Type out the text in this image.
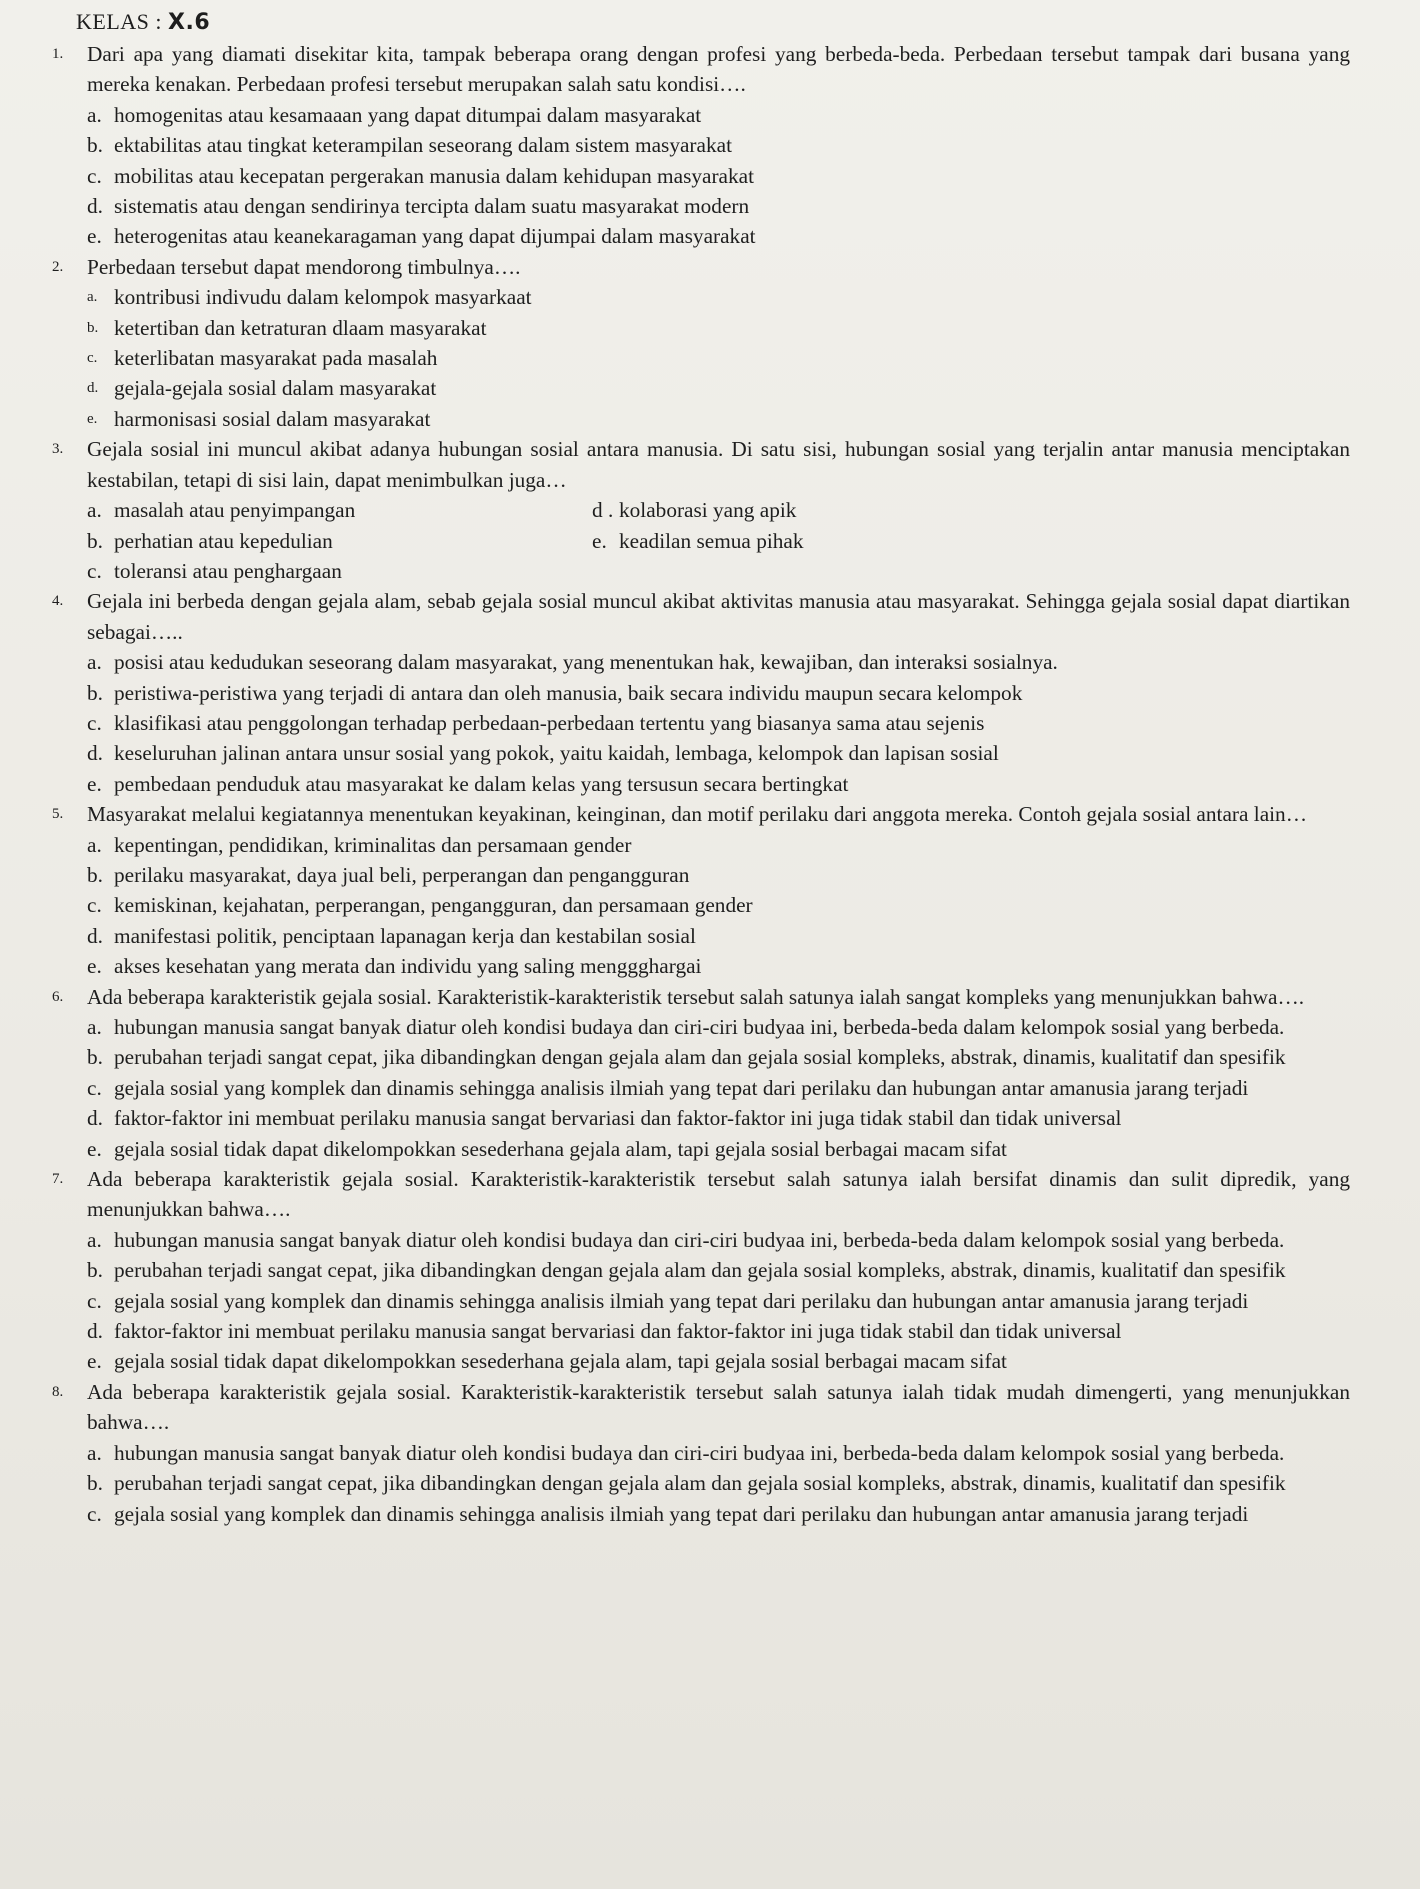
KELAS : X.6
1.	Dari apa yang diamati disekitar kita, tampak beberapa orang dengan profesi yang berbeda-beda. Perbedaan tersebut tampak dari busana yang mereka kenakan. Perbedaan profesi tersebut merupakan salah satu kondisi….
a. homogenitas atau kesamaaan yang dapat ditumpai dalam masyarakat
b. ektabilitas atau tingkat keterampilan seseorang dalam sistem masyarakat
c. mobilitas atau kecepatan pergerakan manusia dalam kehidupan masyarakat
d. sistematis atau dengan sendirinya tercipta dalam suatu masyarakat modern
e. heterogenitas atau keanekaragaman yang dapat dijumpai dalam masyarakat
2.	Perbedaan tersebut dapat mendorong timbulnya….
a. kontribusi indivudu dalam kelompok masyarkaat
b. ketertiban dan ketraturan dlaam masyarakat
c. keterlibatan masyarakat pada masalah
d. gejala-gejala sosial dalam masyarakat
e. harmonisasi sosial dalam masyarakat
3.	Gejala sosial ini muncul akibat adanya hubungan sosial antara manusia. Di satu sisi, hubungan sosial yang terjalin antar manusia menciptakan kestabilan, tetapi di sisi lain, dapat menimbulkan juga…
a. masalah atau penyimpangan	d . kolaborasi yang apik
b. perhatian atau kepedulian	e. keadilan semua pihak
c. toleransi atau penghargaan
4.	Gejala ini berbeda dengan gejala alam, sebab gejala sosial muncul akibat aktivitas manusia atau masyarakat. Sehingga gejala sosial dapat diartikan sebagai…..
a. posisi atau kedudukan seseorang dalam masyarakat, yang menentukan hak, kewajiban, dan interaksi sosialnya.
b. peristiwa-peristiwa yang terjadi di antara dan oleh manusia, baik secara individu maupun secara kelompok
c. klasifikasi atau penggolongan terhadap perbedaan-perbedaan tertentu yang biasanya sama atau sejenis
d. keseluruhan jalinan antara unsur sosial yang pokok, yaitu kaidah, lembaga, kelompok dan lapisan sosial
e. pembedaan penduduk atau masyarakat ke dalam kelas yang tersusun secara bertingkat
5.	Masyarakat melalui kegiatannya menentukan keyakinan, keinginan, dan motif perilaku dari anggota mereka. Contoh gejala sosial antara lain…
a. kepentingan, pendidikan, kriminalitas dan persamaan gender
b. perilaku masyarakat, daya jual beli, perperangan dan pengangguran
c. kemiskinan, kejahatan, perperangan, pengangguran, dan persamaan gender
d. manifestasi politik, penciptaan lapanagan kerja dan kestabilan sosial
e. akses kesehatan yang merata dan individu yang saling menggghargai
6.	Ada beberapa karakteristik gejala sosial. Karakteristik-karakteristik tersebut salah satunya ialah sangat kompleks yang menunjukkan bahwa….
a. hubungan manusia sangat banyak diatur oleh kondisi budaya dan ciri-ciri budyaa ini, berbeda-beda dalam kelompok sosial yang berbeda.
b. perubahan terjadi sangat cepat, jika dibandingkan dengan gejala alam dan gejala sosial kompleks, abstrak, dinamis, kualitatif dan spesifik
c. gejala sosial yang komplek dan dinamis sehingga analisis ilmiah yang tepat dari perilaku dan hubungan antar amanusia jarang terjadi
d. faktor-faktor ini membuat perilaku manusia sangat bervariasi dan faktor-faktor ini juga tidak stabil dan tidak universal
e. gejala sosial tidak dapat dikelompokkan sesederhana gejala alam, tapi gejala sosial berbagai macam sifat
7.	Ada beberapa karakteristik gejala sosial. Karakteristik-karakteristik tersebut salah satunya ialah bersifat dinamis dan sulit dipredik, yang menunjukkan bahwa….
a. hubungan manusia sangat banyak diatur oleh kondisi budaya dan ciri-ciri budyaa ini, berbeda-beda dalam kelompok sosial yang berbeda.
b. perubahan terjadi sangat cepat, jika dibandingkan dengan gejala alam dan gejala sosial kompleks, abstrak, dinamis, kualitatif dan spesifik
c. gejala sosial yang komplek dan dinamis sehingga analisis ilmiah yang tepat dari perilaku dan hubungan antar amanusia jarang terjadi
d. faktor-faktor ini membuat perilaku manusia sangat bervariasi dan faktor-faktor ini juga tidak stabil dan tidak universal
e. gejala sosial tidak dapat dikelompokkan sesederhana gejala alam, tapi gejala sosial berbagai macam sifat
8.	Ada beberapa karakteristik gejala sosial. Karakteristik-karakteristik tersebut salah satunya ialah tidak mudah dimengerti, yang menunjukkan bahwa….
a. hubungan manusia sangat banyak diatur oleh kondisi budaya dan ciri-ciri budyaa ini, berbeda-beda dalam kelompok sosial yang berbeda.
b. perubahan terjadi sangat cepat, jika dibandingkan dengan gejala alam dan gejala sosial kompleks, abstrak, dinamis, kualitatif dan spesifik
c. gejala sosial yang komplek dan dinamis sehingga analisis ilmiah yang tepat dari perilaku dan hubungan antar amanusia jarang terjadi
